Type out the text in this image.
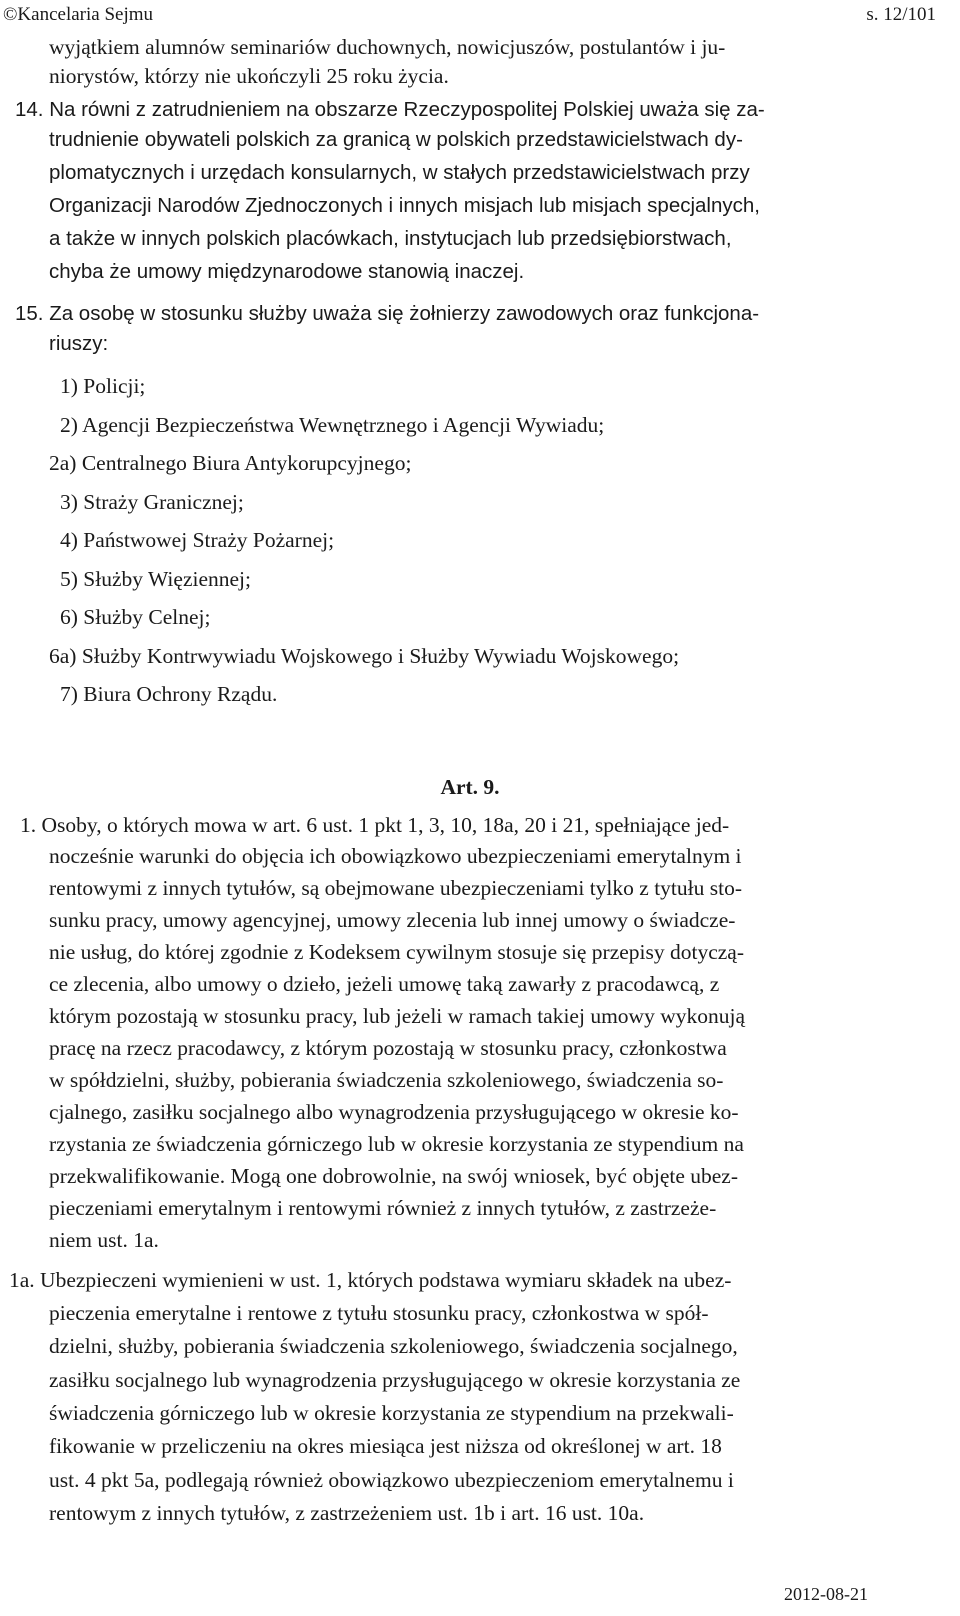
©Kancelaria Sejmu	s. 12/101
wyjątkiem alumnów seminariów duchownych, nowicjuszów, postulantów i ju-
niorystów, którzy nie ukończyli 25 roku życia.
14. Na równi z zatrudnieniem na obszarze Rzeczypospolitej Polskiej uważa się za-
trudnienie obywateli polskich za granicą w polskich przedstawicielstwach dy-
plomatycznych i urzędach konsularnych, w stałych przedstawicielstwach przy
Organizacji Narodów Zjednoczonych i innych misjach lub misjach specjalnych,
a także w innych polskich placówkach, instytucjach lub przedsiębiorstwach,
chyba że umowy międzynarodowe stanowią inaczej.
15. Za osobę w stosunku służby uważa się żołnierzy zawodowych oraz funkcjona-
riuszy:
1) Policji;
2) Agencji Bezpieczeństwa Wewnętrznego i Agencji Wywiadu;
2a) Centralnego Biura Antykorupcyjnego;
3) Straży Granicznej;
4) Państwowej Straży Pożarnej;
5) Służby Więziennej;
6) Służby Celnej;
6a) Służby Kontrwywiadu Wojskowego i Służby Wywiadu Wojskowego;
7) Biura Ochrony Rządu.
Art. 9.
1. Osoby, o których mowa w art. 6 ust. 1 pkt 1, 3, 10, 18a, 20 i 21, spełniające jed-
nocześnie warunki do objęcia ich obowiązkowo ubezpieczeniami emerytalnym i
rentowymi z innych tytułów, są obejmowane ubezpieczeniami tylko z tytułu sto-
sunku pracy, umowy agencyjnej, umowy zlecenia lub innej umowy o świadcze-
nie usług, do której zgodnie z Kodeksem cywilnym stosuje się przepisy dotyczą-
ce zlecenia, albo umowy o dzieło, jeżeli umowę taką zawarły z pracodawcą, z
którym pozostają w stosunku pracy, lub jeżeli w ramach takiej umowy wykonują
pracę na rzecz pracodawcy, z którym pozostają w stosunku pracy, członkostwa
w spółdzielni, służby, pobierania świadczenia szkoleniowego, świadczenia so-
cjalnego, zasiłku socjalnego albo wynagrodzenia przysługującego w okresie ko-
rzystania ze świadczenia górniczego lub w okresie korzystania ze stypendium na
przekwalifikowanie. Mogą one dobrowolnie, na swój wniosek, być objęte ubez-
pieczeniami emerytalnym i rentowymi również z innych tytułów, z zastrzeże-
niem ust. 1a.
1a. Ubezpieczeni wymienieni w ust. 1, których podstawa wymiaru składek na ubez-
pieczenia emerytalne i rentowe z tytułu stosunku pracy, członkostwa w spół-
dzielni, służby, pobierania świadczenia szkoleniowego, świadczenia socjalnego,
zasiłku socjalnego lub wynagrodzenia przysługującego w okresie korzystania ze
świadczenia górniczego lub w okresie korzystania ze stypendium na przekwali-
fikowanie w przeliczeniu na okres miesiąca jest niższa od określonej w art. 18
ust. 4 pkt 5a, podlegają również obowiązkowo ubezpieczeniom emerytalnemu i
rentowym z innych tytułów, z zastrzeżeniem ust. 1b i art. 16 ust. 10a.
2012-08-21
